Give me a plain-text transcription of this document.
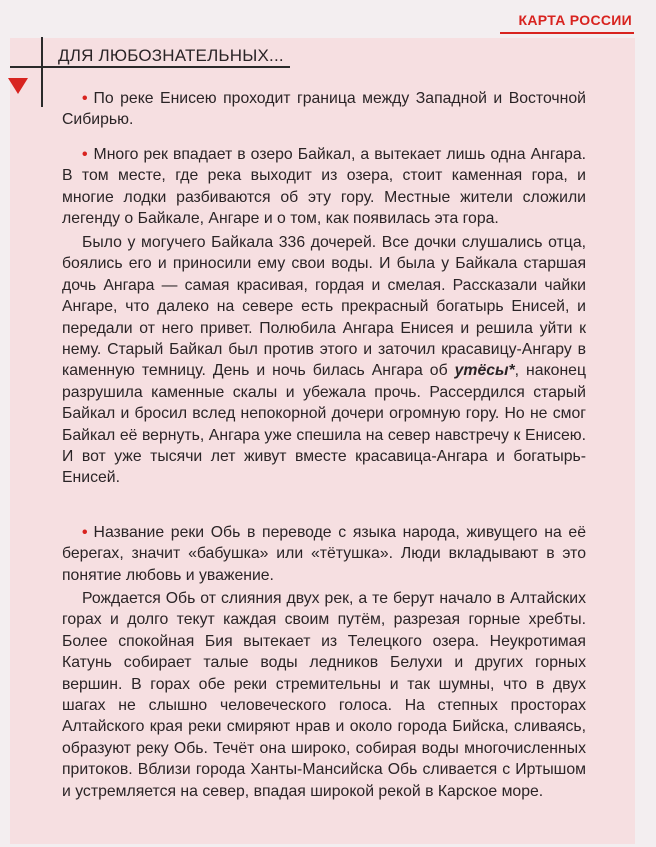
КАРТА РОССИИ
ДЛЯ ЛЮБОЗНАТЕЛЬНЫХ...

• По реке Енисею проходит граница между Западной и Восточной Сибирью.

• Много рек впадает в озеро Байкал, а вытекает лишь одна Ангара. В том месте, где река выходит из озера, стоит каменная гора, и многие лодки разбиваются об эту гору. Местные жители сложили легенду о Байкале, Ангаре и о том, как появилась эта гора.

Было у могучего Байкала 336 дочерей. Все дочки слушались отца, боялись его и приносили ему свои воды. И была у Байкала старшая дочь Ангара — самая красивая, гордая и смелая. Рассказали чайки Ангаре, что далеко на севере есть прекрасный богатырь Енисей, и передали от него привет. Полюбила Ангара Енисея и решила уйти к нему. Старый Байкал был против этого и заточил красавицу-Ангару в каменную темницу. День и ночь билась Ангара об утёсы*, наконец разрушила каменные скалы и убежала прочь. Рассердился старый Байкал и бросил вслед непокорной дочери огромную гору. Но не смог Байкал её вернуть, Ангара уже спешила на север навстречу к Енисею. И вот уже тысячи лет живут вместе красавица-Ангара и богатырь-Енисей.

• Название реки Обь в переводе с языка народа, живущего на её берегах, значит «бабушка» или «тётушка». Люди вкладывают в это понятие любовь и уважение.

Рождается Обь от слияния двух рек, а те берут начало в Алтайских горах и долго текут каждая своим путём, разрезая горные хребты. Более спокойная Бия вытекает из Телецкого озера. Неукротимая Катунь собирает талые воды ледников Белухи и других горных вершин. В горах обе реки стремительны и так шумны, что в двух шагах не слышно человеческого голоса. На степных просторах Алтайского края реки смиряют нрав и около города Бийска, сливаясь, образуют реку Обь. Течёт она широко, собирая воды многочисленных притоков. Вблизи города Ханты-Мансийска Обь сливается с Иртышом и устремляется на север, впадая широкой рекой в Карское море.
